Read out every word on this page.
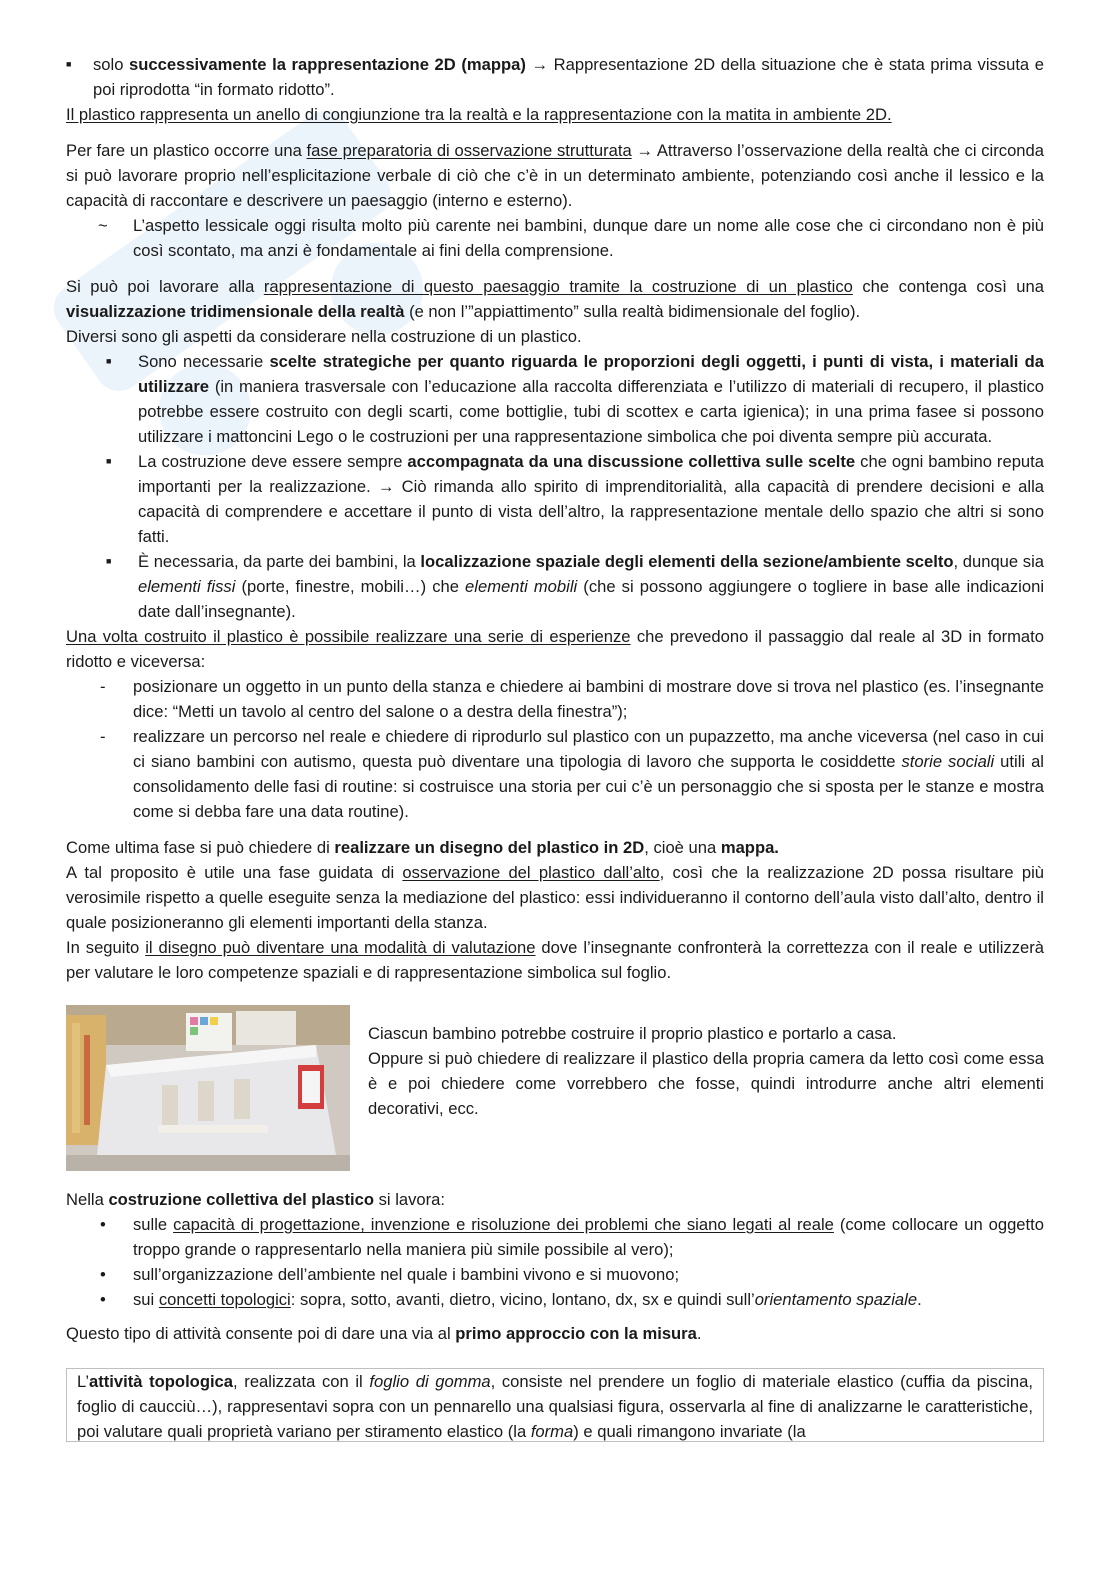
■ solo successivamente la rappresentazione 2D (mappa) → Rappresentazione 2D della situazione che è stata prima vissuta e poi riprodotta “in formato ridotto”.

Il plastico rappresenta un anello di congiunzione tra la realtà e la rappresentazione con la matita in ambiente 2D.

Per fare un plastico occorre una fase preparatoria di osservazione strutturata → Attraverso l’osservazione della realtà che ci circonda si può lavorare proprio nell’esplicitazione verbale di ciò che c’è in un determinato ambiente, potenziando così anche il lessico e la capacità di raccontare e descrivere un paesaggio (interno e esterno).

~ L’aspetto lessicale oggi risulta molto più carente nei bambini, dunque dare un nome alle cose che ci circondano non è più così scontato, ma anzi è fondamentale ai fini della comprensione.

Si può poi lavorare alla rappresentazione di questo paesaggio tramite la costruzione di un plastico che contenga così una visualizzazione tridimensionale della realtà (e non l’”appiattimento” sulla realtà bidimensionale del foglio).

Diversi sono gli aspetti da considerare nella costruzione di un plastico.

■ Sono necessarie scelte strategiche per quanto riguarda le proporzioni degli oggetti, i punti di vista, i materiali da utilizzare (in maniera trasversale con l’educazione alla raccolta differenziata e l’utilizzo di materiali di recupero, il plastico potrebbe essere costruito con degli scarti, come bottiglie, tubi di scottex e carta igienica); in una prima fasee si possono utilizzare i mattoncini Lego o le costruzioni per una rappresentazione simbolica che poi diventa sempre più accurata.
■ La costruzione deve essere sempre accompagnata da una discussione collettiva sulle scelte che ogni bambino reputa importanti per la realizzazione. → Ciò rimanda allo spirito di imprenditorialità, alla capacità di prendere decisioni e alla capacità di comprendere e accettare il punto di vista dell’altro, la rappresentazione mentale dello spazio che altri si sono fatti.
■ È necessaria, da parte dei bambini, la localizzazione spaziale degli elementi della sezione/ambiente scelto, dunque sia elementi fissi (porte, finestre, mobili…) che elementi mobili (che si possono aggiungere o togliere in base alle indicazioni date dall’insegnante).

Una volta costruito il plastico è possibile realizzare una serie di esperienze che prevedono il passaggio dal reale al 3D in formato ridotto e viceversa:

- posizionare un oggetto in un punto della stanza e chiedere ai bambini di mostrare dove si trova nel plastico (es. l’insegnante dice: “Metti un tavolo al centro del salone o a destra della finestra”);
- realizzare un percorso nel reale e chiedere di riprodurlo sul plastico con un pupazzetto, ma anche viceversa (nel caso in cui ci siano bambini con autismo, questa può diventare una tipologia di lavoro che supporta le cosiddette storie sociali utili al consolidamento delle fasi di routine: si costruisce una storia per cui c’è un personaggio che si sposta per le stanze e mostra come si debba fare una data routine).

Come ultima fase si può chiedere di realizzare un disegno del plastico in 2D, cioè una mappa.

A tal proposito è utile una fase guidata di osservazione del plastico dall’alto, così che la realizzazione 2D possa risultare più verosimile rispetto a quelle eseguite senza la mediazione del plastico: essi individueranno il contorno dell’aula visto dall’alto, dentro il quale posizioneranno gli elementi importanti della stanza.

In seguito il disegno può diventare una modalità di valutazione dove l’insegnante confronterà la correttezza con il reale e utilizzerà per valutare le loro competenze spaziali e di rappresentazione simbolica sul foglio.

Ciascun bambino potrebbe costruire il proprio plastico e portarlo a casa.

Oppure si può chiedere di realizzare il plastico della propria camera da letto così come essa è e poi chiedere come vorrebbero che fosse, quindi introdurre anche altri elementi decorativi, ecc.

Nella costruzione collettiva del plastico si lavora:

• sulle capacità di progettazione, invenzione e risoluzione dei problemi che siano legati al reale (come collocare un oggetto troppo grande o rappresentarlo nella maniera più simile possibile al vero);
• sull’organizzazione dell’ambiente nel quale i bambini vivono e si muovono;
• sui concetti topologici: sopra, sotto, avanti, dietro, vicino, lontano, dx, sx e quindi sull’orientamento spaziale.

Questo tipo di attività consente poi di dare una via al primo approccio con la misura.

L’attività topologica, realizzata con il foglio di gomma, consiste nel prendere un foglio di materiale elastico (cuffia da piscina, foglio di caucciù…), rappresentavi sopra con un pennarello una qualsiasi figura, osservarla al fine di analizzarne le caratteristiche, poi valutare quali proprietà variano per stiramento elastico (la forma) e quali rimangono invariate (la
